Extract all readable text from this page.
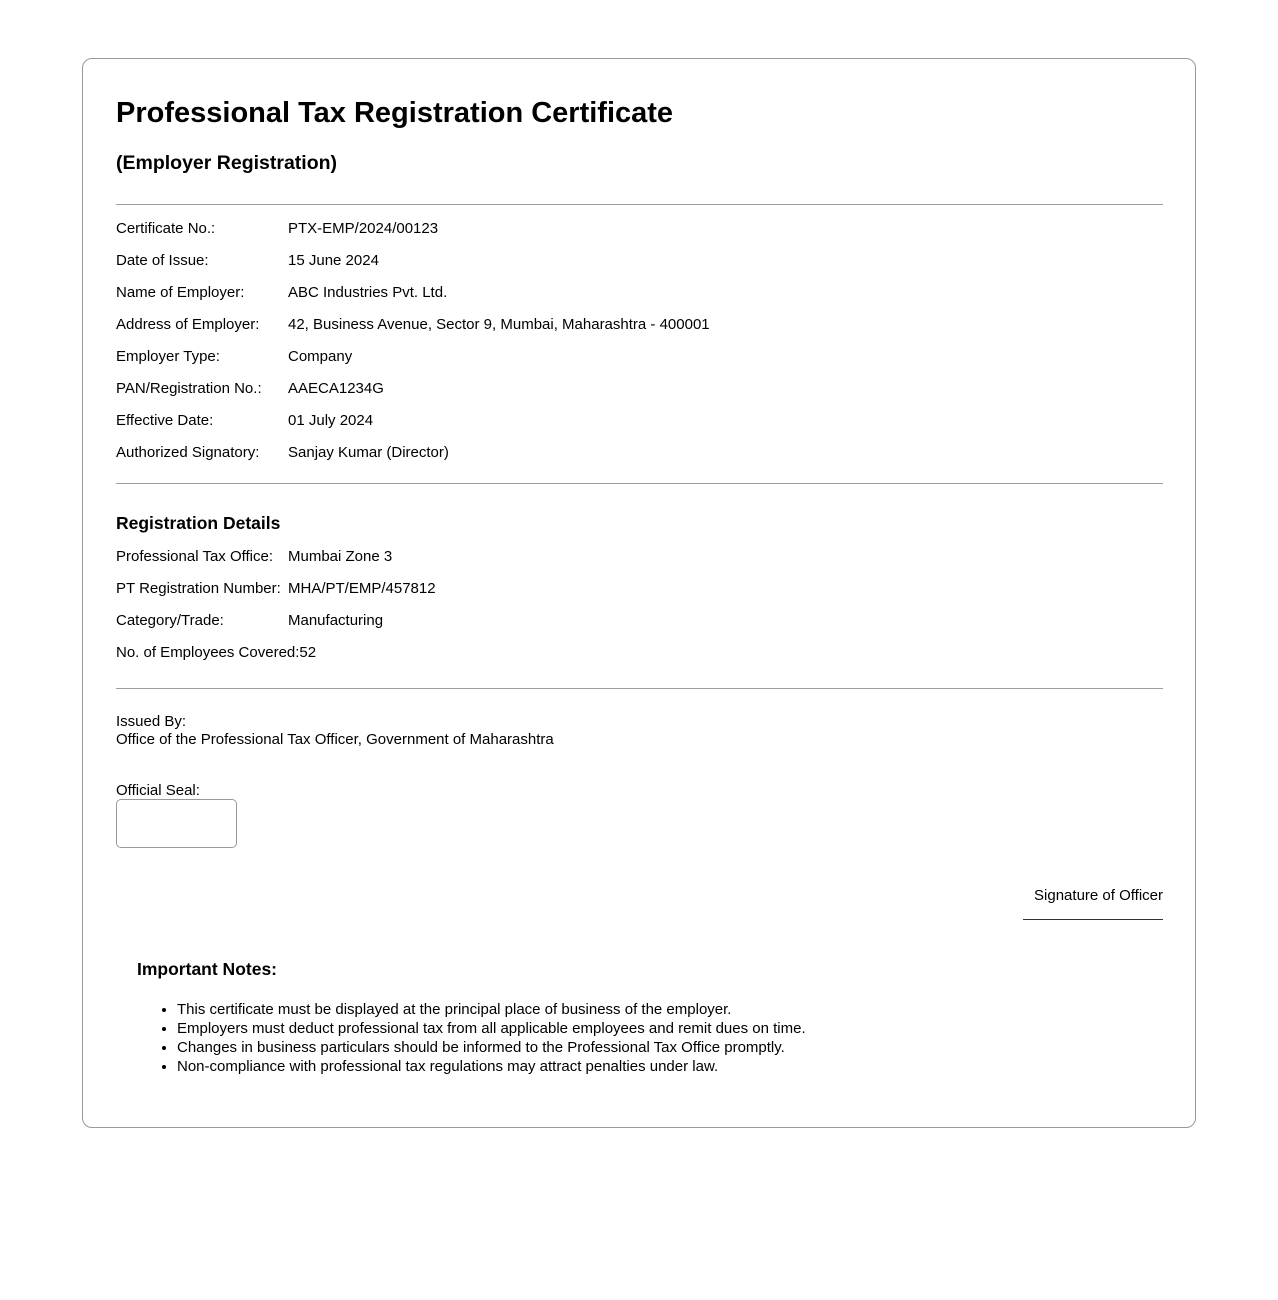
Professional Tax Registration Certificate
(Employer Registration)

Certificate No.:	PTX-EMP/2024/00123

Date of Issue:	15 June 2024

Name of Employer:	ABC Industries Pvt. Ltd.

Address of Employer: 42, Business Avenue, Sector 9, Mumbai, Maharashtra - 400001

Employer Type:	Company

PAN/Registration No.: AAECA1234G

Effective Date:	01 July 2024

Authorized Signatory: Sanjay Kumar (Director)

Registration Details

Professional Tax Office: Mumbai Zone 3

PT Registration Number: MHA/PT/EMP/457812

Category/Trade:	Manufacturing

No. of Employees Covered:52

Issued By:
Office of the Professional Tax Officer, Government of Maharashtra

Official Seal:

Signature of Officer
Important Notes:
• This certificate must be displayed at the principal place of business of the employer.
• Employers must deduct professional tax from all applicable employees and remit dues on time.
• Changes in business particulars should be informed to the Professional Tax Office promptly.
• Non-compliance with professional tax regulations may attract penalties under law.
